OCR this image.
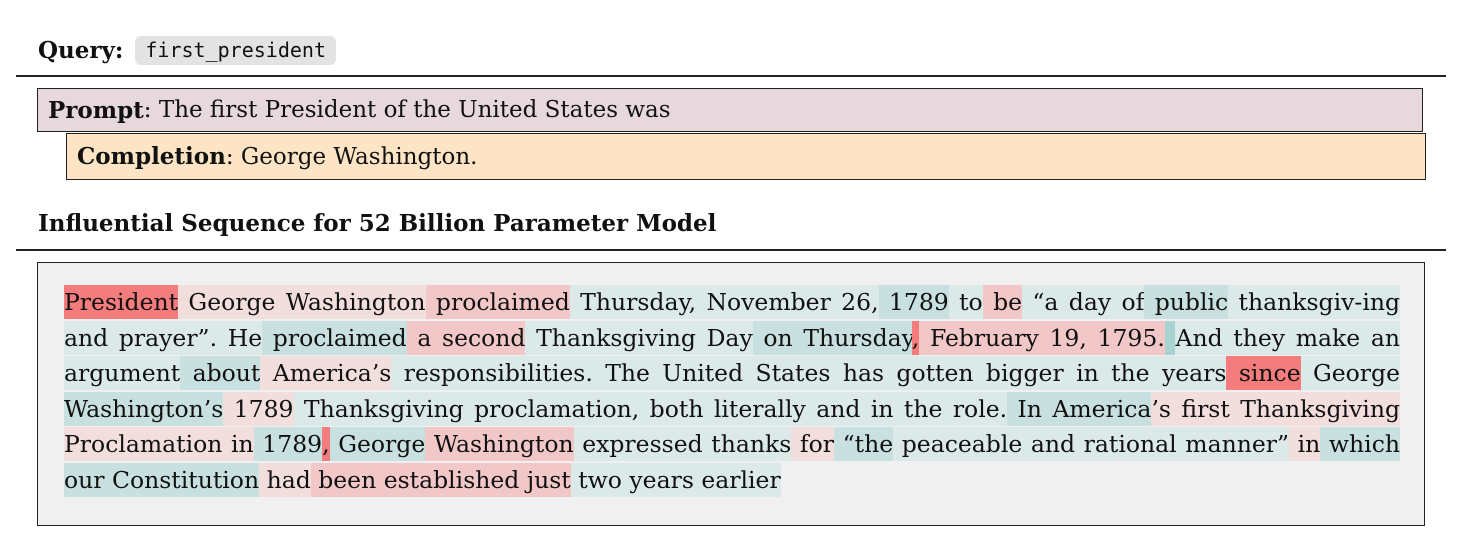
Query:	first_president
Prompt : The first President of the United States was
Completion : George Washington.
Influential Sequence for 52 Billion Parameter Model
President George Washington proclaimed Thursday, November 26, 1789 to be “a day of public thanksgiv-​ing and prayer”. He proclaimed a second Thanksgiving Day on Thursday, February 19, 1795. And they make an argument about America’s responsibilities. The United States has gotten bigger in the years since George Washington’s 1789 Thanksgiving proclamation, both literally and in the role. In America’s first Thanksgiving Proclamation in 1789, George Washington expressed thanks for “the peaceable and rational manner” in which our Constitution had been established just two years earlier
